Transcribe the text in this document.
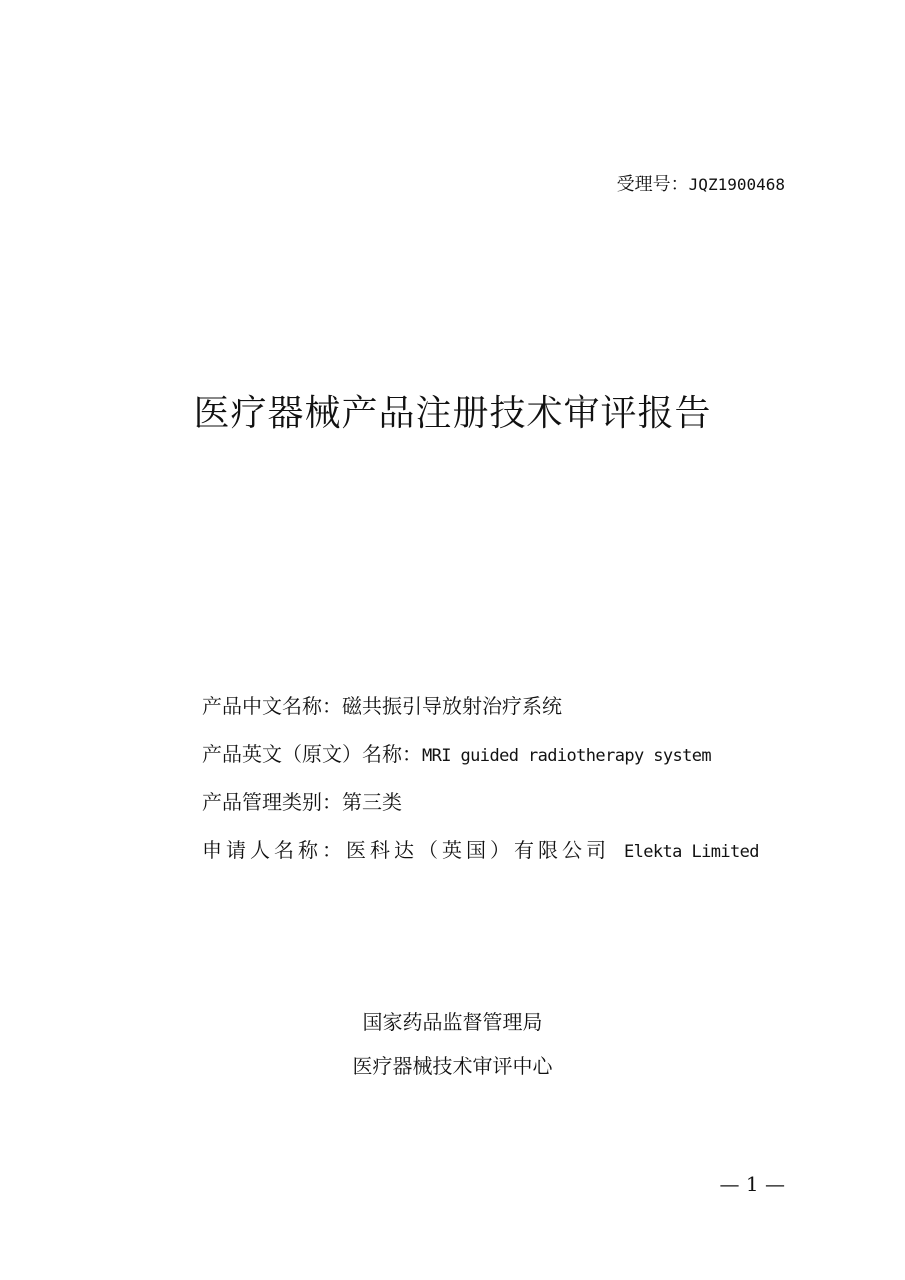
受理号：JQZ1900468
医疗器械产品注册技术审评报告
产品中文名称：磁共振引导放射治疗系统
产品英文（原文）名称：MRI guided radiotherapy system
产品管理类别：第三类
申请人名称：医科达（英国）有限公司 Elekta Limited
国家药品监督管理局
医疗器械技术审评中心
— 1 —
